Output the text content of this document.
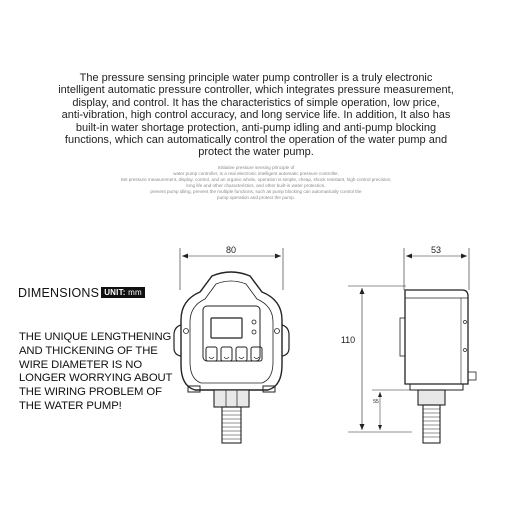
The pressure sensing principle water pump controller is a truly electronic
intelligent automatic pressure controller, which integrates pressure measurement,
display, and control. It has the characteristics of simple operation, low price,
anti-vibration, high control accuracy, and long service life. In addition, It also has
built-in water shortage protection, anti-pump idling and anti-pump blocking
functions, which can automatically control the operation of the water pump and
protect the water pump.
Initiative pressure sensing principle of
water pump controller, is a real electronic intelligent automatic pressure controller,
Set pressure measurement, display, control, and an organic whole, operation is simple, cheap, shock resistant, high control precision,
long life and other characteristics, and other built-in water protection,
prevent pump idling, prevent the multiple functions, such as pump blocking can automatically control the
pump operation and protect the pump.
DIMENSIONS UNIT: mm
THE UNIQUE LENGTHENING
AND THICKENING OF THE
WIRE DIAMETER IS NO
LONGER WORRYING ABOUT
THE WIRING PROBLEM OF
THE WATER PUMP!
80	53
110
55
